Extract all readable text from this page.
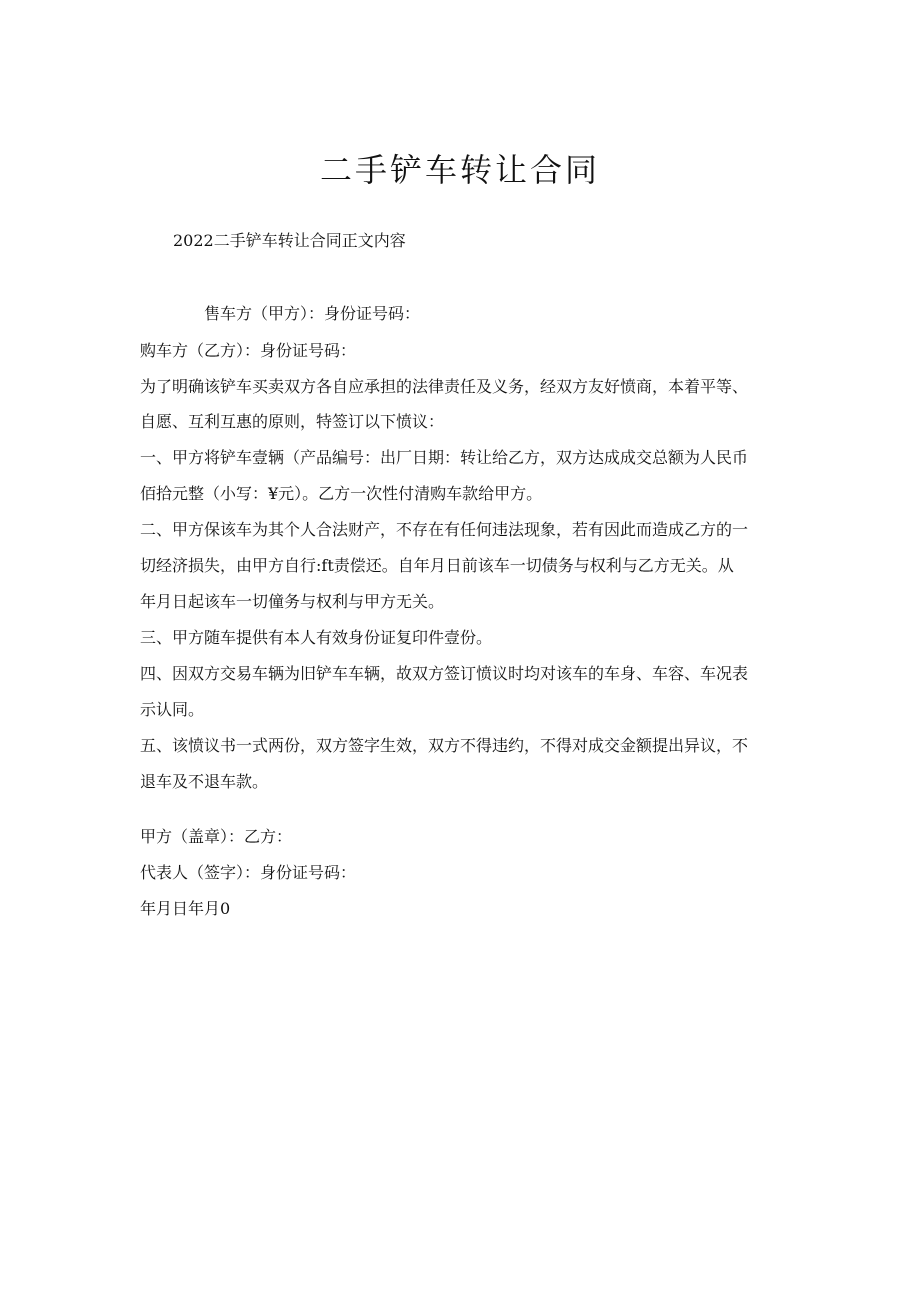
二手铲车转让合同

2022二手铲车转让合同正文内容

售车方（甲方）：身份证号码：

购车方（乙方）：身份证号码：

为了明确该铲车买卖双方各自应承担的法律责任及义务，经双方友好愤商，本着平等、

自愿、互利互惠的原则，特签订以下愤议：

一、甲方将铲车壹辆（产品编号：出厂日期：转让给乙方，双方达成成交总额为人民币

佰拾元整（小写：¥元）。乙方一次性付清购车款给甲方。

二、甲方保该车为其个人合法财产，不存在有任何违法现象，若有因此而造成乙方的一

切经济损失，由甲方自行:ft责偿还。自年月日前该车一切债务与权利与乙方无关。从

年月日起该车一切僮务与权利与甲方无关。

三、甲方随车提供有本人有效身份证复印件壹份。

四、因双方交易车辆为旧铲车车辆，故双方签订愤议时均对该车的车身、车容、车况表

示认同。

五、该愤议书一式两份，双方签字生效，双方不得违约，不得对成交金额提出异议，不

退车及不退车款。

甲方（盖章）：乙方：

代表人（签字）：身份证号码：

年月日年月0
